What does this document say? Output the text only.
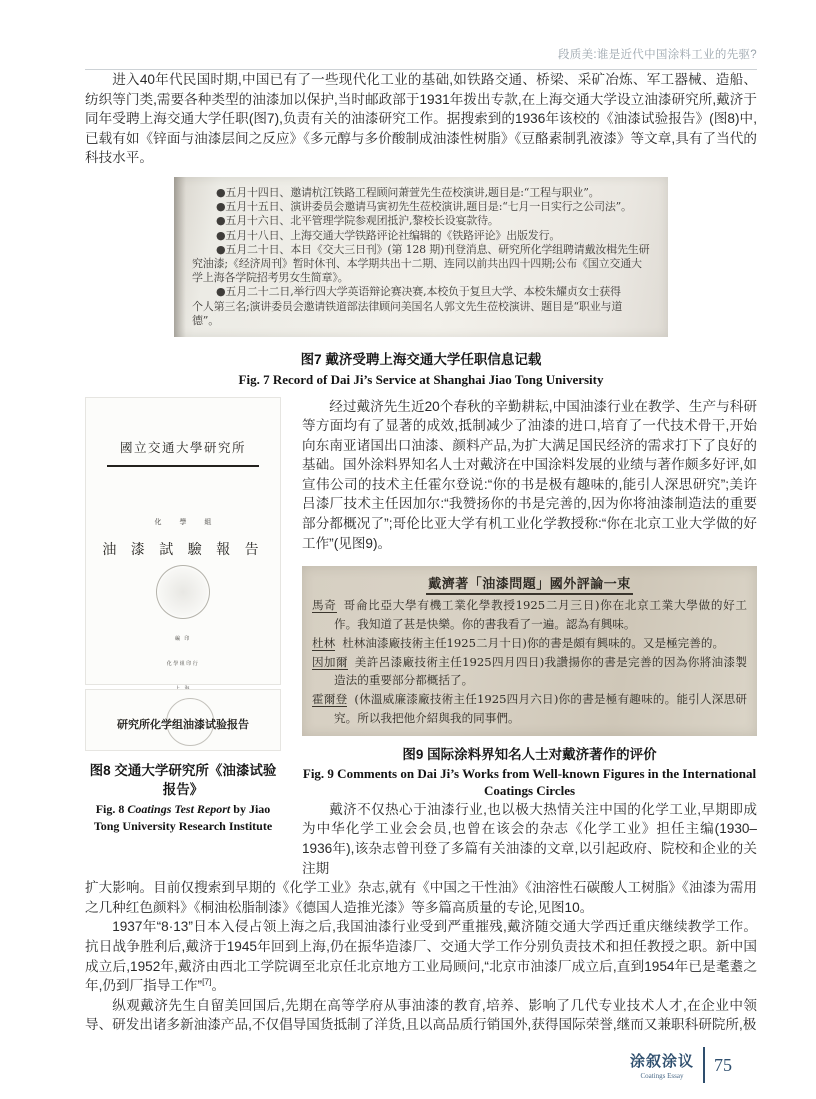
段质美:谁是近代中国涂料工业的先驱?

进入40年代民国时期,中国已有了一些现代化工业的基础,如铁路交通、桥梁、采矿冶炼、军工器械、造船、纺织等门类,需要各种类型的油漆加以保护,当时邮政部于1931年拨出专款,在上海交通大学设立油漆研究所,戴济于同年受聘上海交通大学任职(图7),负责有关的油漆研究工作。据搜索到的1936年该校的《油漆试验报告》(图8)中,已载有如《锌面与油漆层间之反应》《多元醇与多价酸制成油漆性树脂》《豆酪素制乳液漆》等文章,具有了当代的科技水平。

●五月十四日、邀请杭江铁路工程顾问萧萱先生莅校演讲,题目是:“工程与职业”。
●五月十五日、演讲委员会邀请马寅初先生莅校演讲,题目是:“七月一日实行之公司法”。
●五月十六日、北平管理学院参观团抵沪,黎校长设宴款待。
●五月十八日、上海交通大学铁路评论社编辑的《铁路评论》出版发行。
●五月二十日、本日《交大三日刊》(第 128 期)刊登消息、研究所化学组聘请戴汝楫先生研
究油漆;《经济周刊》暂时休刊、本学期共出十二期、连同以前共出四十四期;公布《国立交通大
学上海各学院招考男女生简章》。
●五月二十二日,举行四大学英语辩论赛决赛,本校负于复旦大学、本校朱耀贞女士获得
个人第三名;演讲委员会邀请铁道部法律顾问美国名人郭文先生莅校演讲、题目是“职业与道
德”。
图7 戴济受聘上海交通大学任职信息记载
Fig. 7 Record of Dai Ji’s Service at Shanghai Jiao Tong University
國立交通大學研究所
化 學 組
油 漆 試 驗 報 告
編 印
化學組印行
研究所化学组油漆试验报告
图8 交通大学研究所《油漆试验报告》
Fig. 8 Coatings Test Report by Jiao Tong University Research Institute

经过戴济先生近20个春秋的辛勤耕耘,中国油漆行业在教学、生产与科研等方面均有了显著的成效,抵制减少了油漆的进口,培育了一代技术骨干,开始向东南亚诸国出口油漆、颜料产品,为扩大满足国民经济的需求打下了良好的基础。国外涂料界知名人士对戴济在中国涂料发展的业绩与著作颇多好评,如宣伟公司的技术主任霍尔登说:“你的书是极有趣味的,能引人深思研究”;美许吕漆厂技术主任因加尔:“我赞扬你的书是完善的,因为你将油漆制造法的重要部分都概况了”;哥伦比亚大学有机工业化学教授称:“你在北京工业大学做的好工作”(见图9)。

戴濟著「油漆問題」國外評論一束
馬奇 哥侖比亞大學有機工業化學教授1925二月三日)你在北京工業大學做的好工作。我知道了甚是快樂。你的書我看了一遍。認為有興味。
杜林 杜林油漆廠技術主任1925二月十日)你的書是頗有興味的。又是極完善的。
因加爾 美許呂漆廠技術主任1925四月四日)我讚揚你的書是完善的因為你將油漆製造法的重要部分都概括了。
霍爾登 (休溫威廉漆廠技術主任1925四月六日)你的書是極有趣味的。能引人深思研究。所以我把他介紹與我的同事們。
图9 国际涂料界知名人士对戴济著作的评价
Fig. 9 Comments on Dai Ji’s Works from Well-known Figures in the International Coatings Circles

戴济不仅热心于油漆行业,也以极大热情关注中国的化学工业,早期即成为中华化学工业会会员,也曾在该会的杂志《化学工业》担任主编(1930–1936年),该杂志曾刊登了多篇有关油漆的文章,以引起政府、院校和企业的关注期

扩大影响。目前仅搜索到早期的《化学工业》杂志,就有《中国之干性油》《油溶性石碳酸人工树脂》《油漆为需用之几种红色颜料》《桐油松脂制漆》《德国人造推光漆》等多篇高质量的专论,见图10。

1937年“8·13”日本入侵占领上海之后,我国油漆行业受到严重摧残,戴济随交通大学西迁重庆继续教学工作。抗日战争胜利后,戴济于1945年回到上海,仍在振华造漆厂、交通大学工作分别负责技术和担任教授之职。新中国成立后,1952年,戴济由西北工学院调至北京任北京地方工业局顾问,“北京市油漆厂成立后,直到1954年已是耄耋之年,仍到厂指导工作”[7]。

纵观戴济先生自留美回国后,先期在高等学府从事油漆的教育,培养、影响了几代专业技术人才,在企业中领导、研发出诸多新油漆产品,不仅倡导国货抵制了洋货,且以高品质行销国外,获得国际荣誉,继而又兼职科研院所,极

涂叙涂议
Coatings Essay
75
